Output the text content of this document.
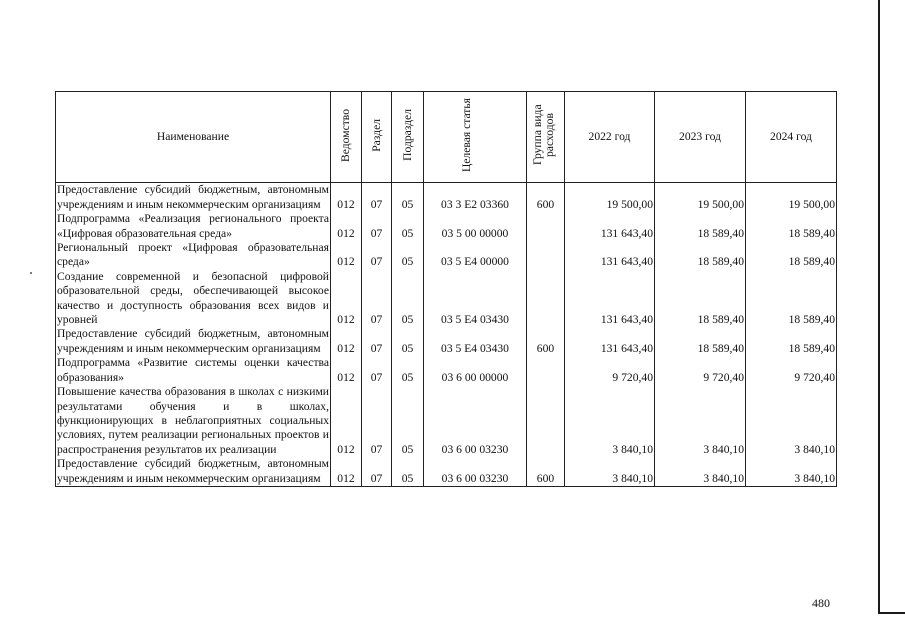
Наименование	Ведомство	Раздел	Подраздел	Целевая статья	Группа вида расходов	2022 год	2023 год	2024 год
Предоставление субсидий бюджетным, автономным учреждениям и иным некоммерческим организациям	012	07	05	03 3 E2 03360	600	19 500,00	19 500,00	19 500,00
Подпрограмма «Реализация регионального проекта «Цифровая образовательная среда»	012	07	05	03 5 00 00000		131 643,40	18 589,40	18 589,40
Региональный проект «Цифровая образовательная среда»	012	07	05	03 5 E4 00000		131 643,40	18 589,40	18 589,40
Создание современной и безопасной цифровой образовательной среды, обеспечивающей высокое качество и доступность образования всех видов и уровней	012	07	05	03 5 E4 03430		131 643,40	18 589,40	18 589,40
Предоставление субсидий бюджетным, автономным учреждениям и иным некоммерческим организациям	012	07	05	03 5 E4 03430	600	131 643,40	18 589,40	18 589,40
Подпрограмма «Развитие системы оценки качества образования»	012	07	05	03 6 00 00000		9 720,40	9 720,40	9 720,40
Повышение качества образования в школах с низкими результатами обучения и в школах, функционирующих в неблагоприятных социальных условиях, путем реализации региональных проектов и распространения результатов их реализации	012	07	05	03 6 00 03230		3 840,10	3 840,10	3 840,10
Предоставление субсидий бюджетным, автономным учреждениям и иным некоммерческим организациям	012	07	05	03 6 00 03230	600	3 840,10	3 840,10	3 840,10
480
